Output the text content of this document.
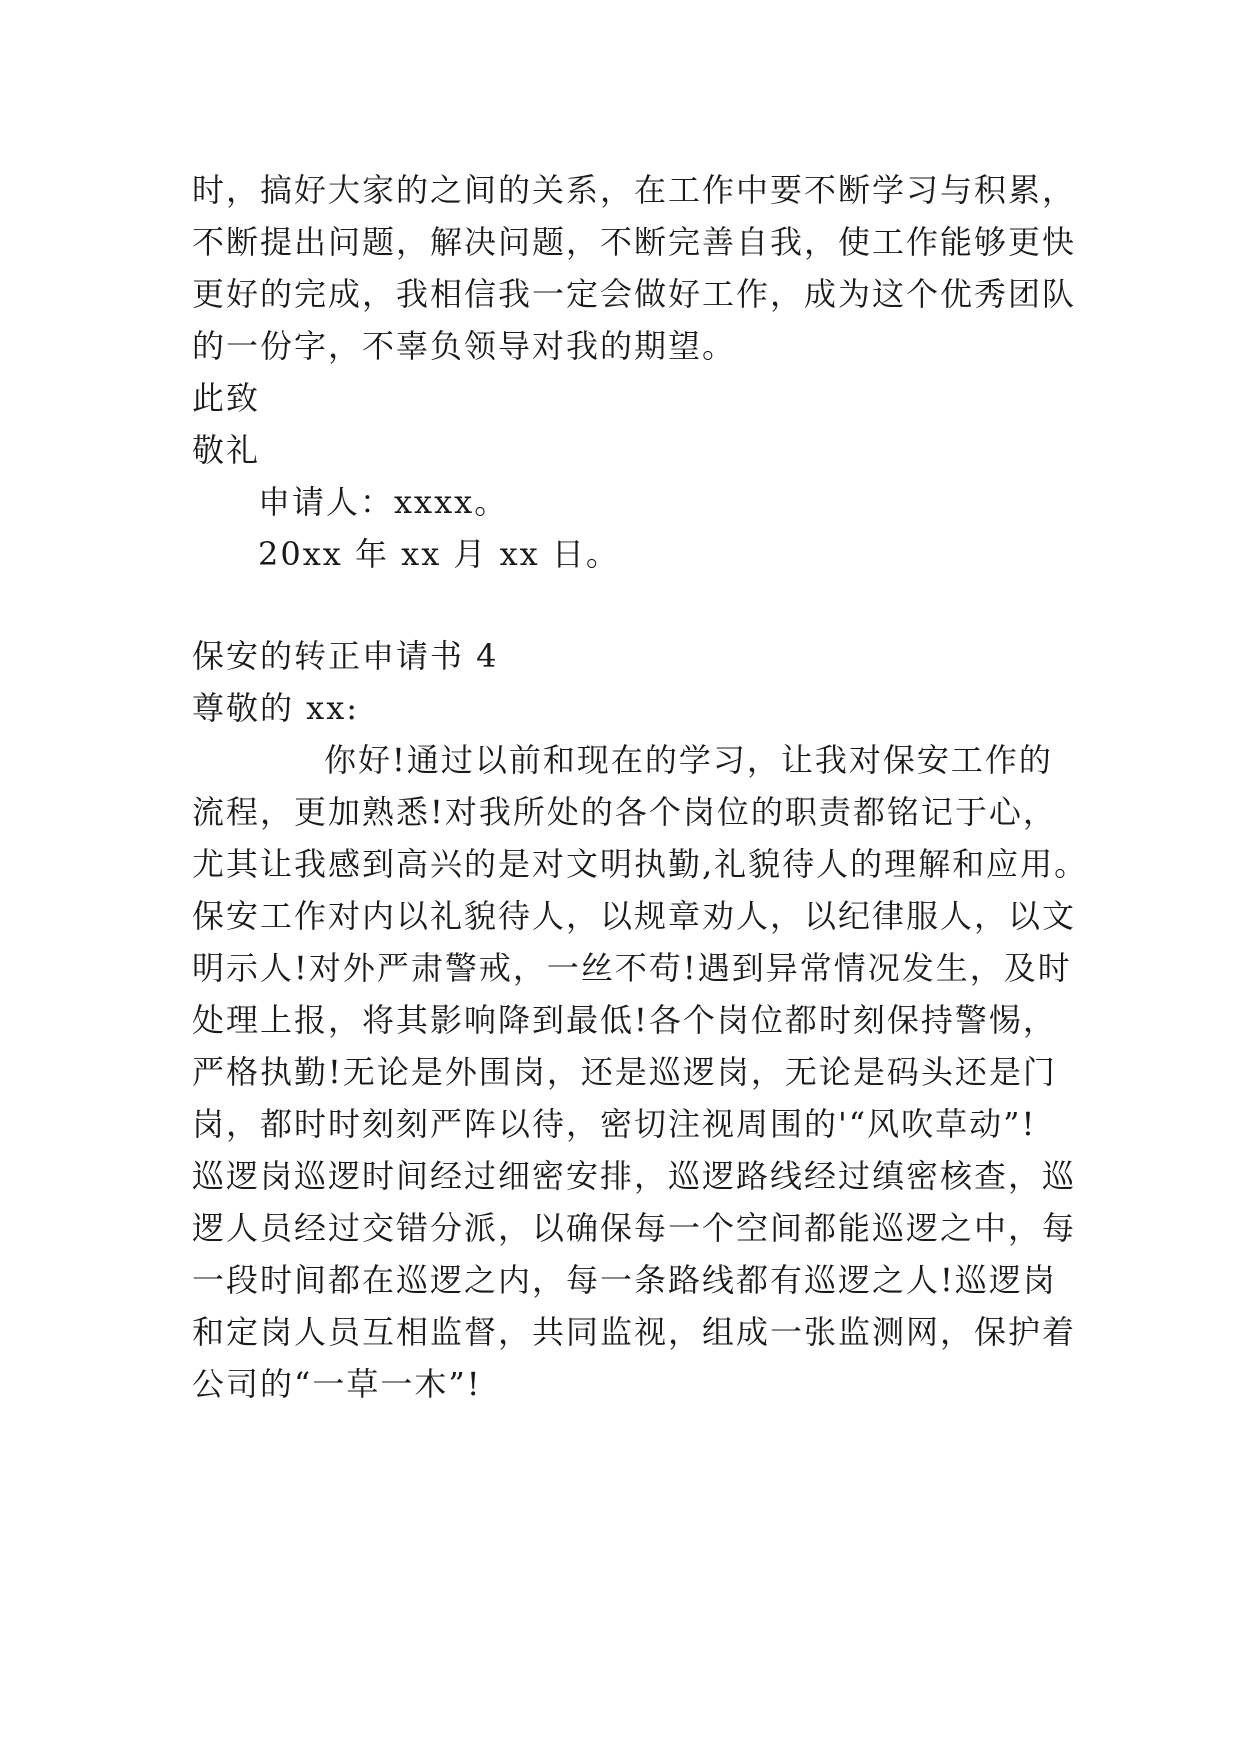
时，搞好大家的之间的关系，在工作中要不断学习与积累，
不断提出问题，解决问题，不断完善自我，使工作能够更快
更好的完成，我相信我一定会做好工作，成为这个优秀团队
的一份字，不辜负领导对我的期望。
此致
敬礼
申请人：xxxx。
20xx 年 xx 月 xx 日。
保安的转正申请书 4
尊敬的 xx:
你好!通过以前和现在的学习，让我对保安工作的
流程，更加熟悉!对我所处的各个岗位的职责都铭记于心，
尤其让我感到高兴的是对文明执勤,礼貌待人的理解和应用。
保安工作对内以礼貌待人，以规章劝人，以纪律服人，以文
明示人!对外严肃警戒，一丝不苟!遇到异常情况发生，及时
处理上报，将其影响降到最低!各个岗位都时刻保持警惕，
严格执勤!无论是外围岗，还是巡逻岗，无论是码头还是门
岗，都时时刻刻严阵以待，密切注视周围的'“风吹草动”!
巡逻岗巡逻时间经过细密安排，巡逻路线经过缜密核查，巡
逻人员经过交错分派，以确保每一个空间都能巡逻之中，每
一段时间都在巡逻之内，每一条路线都有巡逻之人!巡逻岗
和定岗人员互相监督，共同监视，组成一张监测网，保护着
公司的“一草一木”!
